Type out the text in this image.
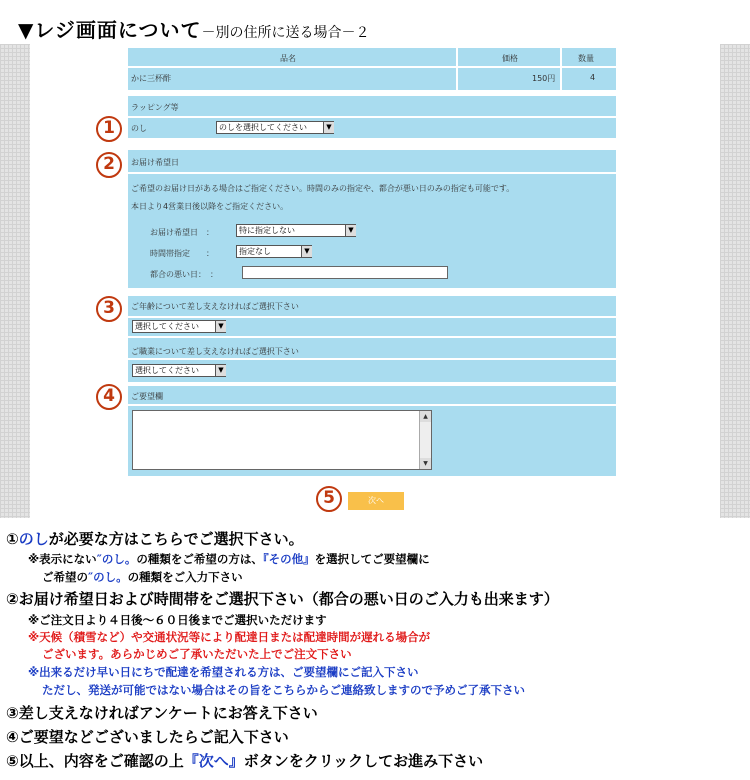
▼レジ画面について－別の住所に送る場合－２
品名	価格	数量
かに三杯酢	150円	4
ラッピング等
のし	のしを選択してください	▼
お届け希望日
ご希望のお届け日がある場合はご指定ください。時間のみの指定や、都合が悪い日のみの指定も可能です。
本日より4営業日後以降をご指定ください。
お届け希望日　：	特に指定しない	▼
時間帯指定　　：	指定なし	▼
都合の悪い日：　：
ご年齢について差し支えなければご選択下さい
選択してください	▼
ご職業について差し支えなければご選択下さい
選択してください	▼
ご要望欄
▲
▼
1
2
3
4
5	次へ
①のしが必要な方はこちらでご選択下さい。
※表示にない″のし。の種類をご希望の方は、『その他』を選択してご要望欄に
ご希望の″のし。の種類をご入力下さい
②お届け希望日および時間帯をご選択下さい（都合の悪い日のご入力も出来ます）
※ご注文日より４日後～６０日後までご選択いただけます
※天候（積雪など）や交通状況等により配達日または配達時間が遅れる場合が
ございます。あらかじめご了承いただいた上でご注文下さい
※出来るだけ早い日にちで配達を希望される方は、ご要望欄にご記入下さい
ただし、発送が可能ではない場合はその旨をこちらからご連絡致しますので予めご了承下さい
③差し支えなければアンケートにお答え下さい
④ご要望などございましたらご記入下さい
⑤以上、内容をご確認の上『次へ』ボタンをクリックしてお進み下さい
